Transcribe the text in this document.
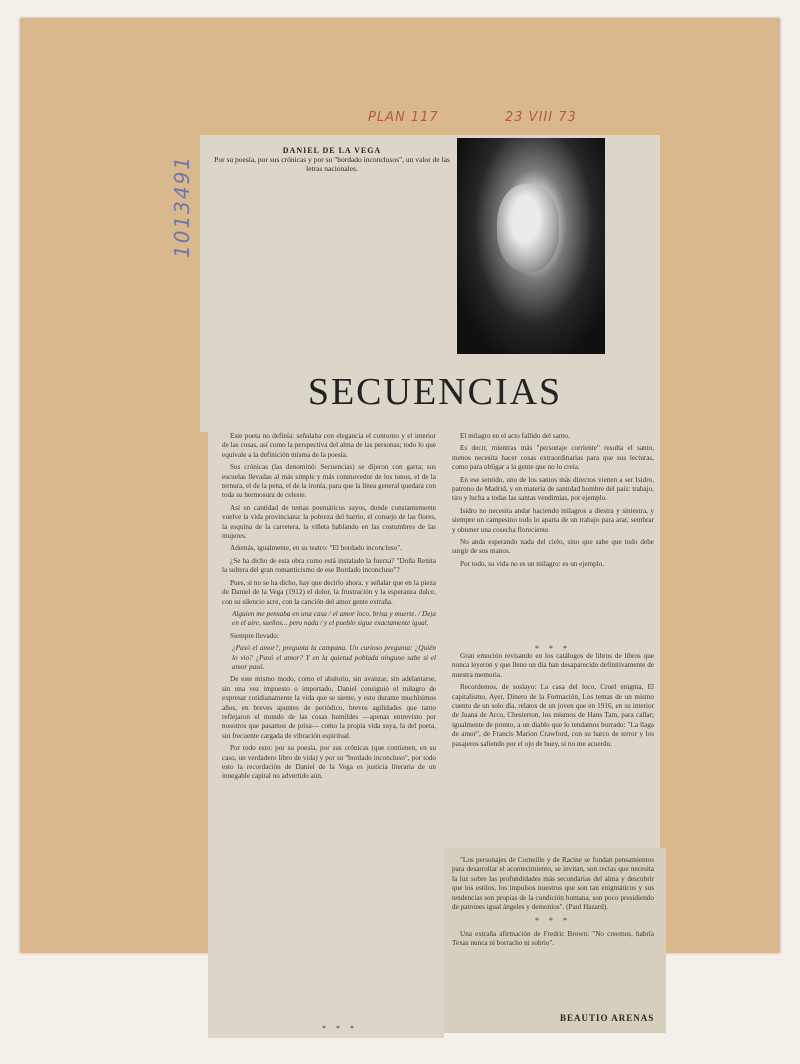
PLAN 117	23 VIII 73
1013491
DANIEL DE LA VEGA
Por su poesía, por sus crónicas y por su "bordado inconclusos", un valor de las letras nacionales.
SECUENCIAS

Este poeta no definía: señalaba con elegancia el contorno y el interior de las cosas, así como la perspectiva del alma de las personas; todo lo que equivale a la definición misma de la poesía.

Sus crónicas (las denominó: Secuencias) se dijeron con garra; sus escuelas llevadas al más simple y más conmovedor de los tonos, el de la ternura, el de la pena, el de la ironía, para que la línea general quedara con toda su hermosura de celeste.

Así en cantidad de temas poemáticos suyos, donde constantemente vuelve la vida provinciana: la pobreza del barrio, el consejo de las flores, la esquina de la carretera, la viñeta hablando en las costumbres de las mujeres.

Además, igualmente, en su teatro: "El bordado inconcluso".

¿Se ha dicho de esta obra como está instalado la fuerza? "Doña Renita la soltera del gran romanticismo de ese Bordado inconcluso"?

Pues, si no se ha dicho, hay que decirlo ahora, y señalar que en la pieza de Daniel de la Vega (1912) el dolor, la frustración y la esperanza dulce, con su silencio acre, con la canción del amor gente extraña.

Alguien me pensaba en una casa / el amor loco, brisa y muerte. / Deja en el aire, sueños... pero nada / y el pueblo sigue exactamente igual.

Siempre llevado:

¿Pasó el amor?, pregunta la campana. Un curioso pregunta: ¿Quién lo vio? ¿Pasó el amor? Y en la quietud poblada ninguno sabe si el amor pasó.

De este mismo modo, como el abalorio, sin avanzar, sin adelantarse, sin una vez impuesto o importado, Daniel consiguió el milagro de expresar cotidianamente la vida que se siente, y esto durante muchísimos años, en breves apuntes de periódico, breves agilidades que tanto reflejaron el mundo de las cosas humildes —apenas entrevisto por nosotros que pasamos de prisa— como la propia vida suya, la del poeta, sin frecuente cargada de vibración espiritual.

Por todo esto: por su poesía, por sus crónicas (que contienen, en su caso, un verdadero libro de vida) y por su "bordado inconcluso", por todo esto la recordación de Daniel de la Vega es justicia literaria de un innegable capital no advertido aún.

El milagro en el acto fallido del santo.

Es decir, mientras más "personaje corriente" resulta el santo, menos necesita hacer cosas extraordinarias para que sus lecturas, como para obligar a la gente que no lo creía.

En ese sentido, uno de los santos más directos vienen a ser Isidro, patrono de Madrid, y en materia de santidad hombre del país: trabajo, tiro y lucha a todas las santas vendimias, por ejemplo.

Isidro no necesita andar haciendo milagros a diestra y siniestra, y siempre un campesino todo lo aparta de un trabajo para arar, sembrar y obtener una cosecha floreciente.

No anda esperando nada del cielo, sino que sabe que todo debe surgir de sus manos.

Por todo, su vida no es un milagro: es un ejemplo.

* * *

Gran emoción revisando en los catálogos de libros de libros que nunca leyeron y que lleno un día han desaparecido definitivamente de nuestra memoria.

Recordemos, de soslayo: La casa del loco, Cruel enigma, El capitalismo, Ayer, Dinero de la Formación, Los temas de un mismo cuento de un solo día, relatos de un joven que en 1916, en su interior de Juana de Arco, Chesterton, los mismos de Hans Tam, para callar; igualmente de pronto, a un diablo que lo tendamos borrado: "La llaga de amor", de Francis Marion Crawford, con su barco de terror y los pasajeros saliendo por el ojo de buey, si no me acuerdo.

"Los personajes de Corneille y de Racine se fundan pensamientos para desarrollar el acontecimiento, se invitan, son rectas que necesita la luz sobre las profundidades más secundarias del alma y descubrir que los estilos, los impulsos nuestros que son tan enigmáticos y sus tendencias son propias de la condición humana, son poco presidiendo de patrones igual ángeles y demonios". (Paul Hazard).

* * *

Una extraña afirmación de Fredric Brown: "No creemos, habría Texas nunca ni borracho ni sobrio".

* * *
BEAUTIO ARENAS
